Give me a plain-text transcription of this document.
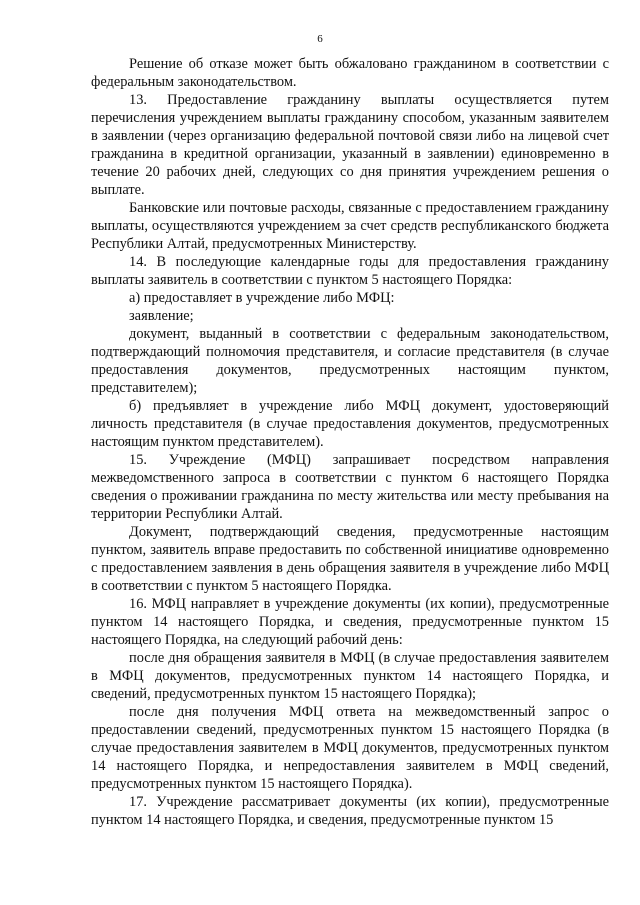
6

Решение об отказе может быть обжаловано гражданином в соответствии с федеральным законодательством.

13. Предоставление гражданину выплаты осуществляется путем перечисления учреждением выплаты гражданину способом, указанным заявителем в заявлении (через организацию федеральной почтовой связи либо на лицевой счет гражданина в кредитной организации, указанный в заявлении) единовременно в течение 20 рабочих дней, следующих со дня принятия учреждением решения о выплате.

Банковские или почтовые расходы, связанные с предоставлением гражданину выплаты, осуществляются учреждением за счет средств республиканского бюджета Республики Алтай, предусмотренных Министерству.

14. В последующие календарные годы для предоставления гражданину выплаты заявитель в соответствии с пунктом 5 настоящего Порядка:

а) предоставляет в учреждение либо МФЦ:

заявление;

документ, выданный в соответствии с федеральным законодательством, подтверждающий полномочия представителя, и согласие представителя (в случае предоставления документов, предусмотренных настоящим пунктом, представителем);

б) предъявляет в учреждение либо МФЦ документ, удостоверяющий личность представителя (в случае предоставления документов, предусмотренных настоящим пунктом представителем).

15. Учреждение (МФЦ) запрашивает посредством направления межведомственного запроса в соответствии с пунктом 6 настоящего Порядка сведения о проживании гражданина по месту жительства или месту пребывания на территории Республики Алтай.

Документ, подтверждающий сведения, предусмотренные настоящим пунктом, заявитель вправе предоставить по собственной инициативе одновременно с предоставлением заявления в день обращения заявителя в учреждение либо МФЦ в соответствии с пунктом 5 настоящего Порядка.

16. МФЦ направляет в учреждение документы (их копии), предусмотренные пунктом 14 настоящего Порядка, и сведения, предусмотренные пунктом 15 настоящего Порядка, на следующий рабочий день:

после дня обращения заявителя в МФЦ (в случае предоставления заявителем в МФЦ документов, предусмотренных пунктом 14 настоящего Порядка, и сведений, предусмотренных пунктом 15 настоящего Порядка);

после дня получения МФЦ ответа на межведомственный запрос о предоставлении сведений, предусмотренных пунктом 15 настоящего Порядка (в случае предоставления заявителем в МФЦ документов, предусмотренных пунктом 14 настоящего Порядка, и непредоставления заявителем в МФЦ сведений, предусмотренных пунктом 15 настоящего Порядка).

17. Учреждение рассматривает документы (их копии), предусмотренные пунктом 14 настоящего Порядка, и сведения, предусмотренные пунктом 15
